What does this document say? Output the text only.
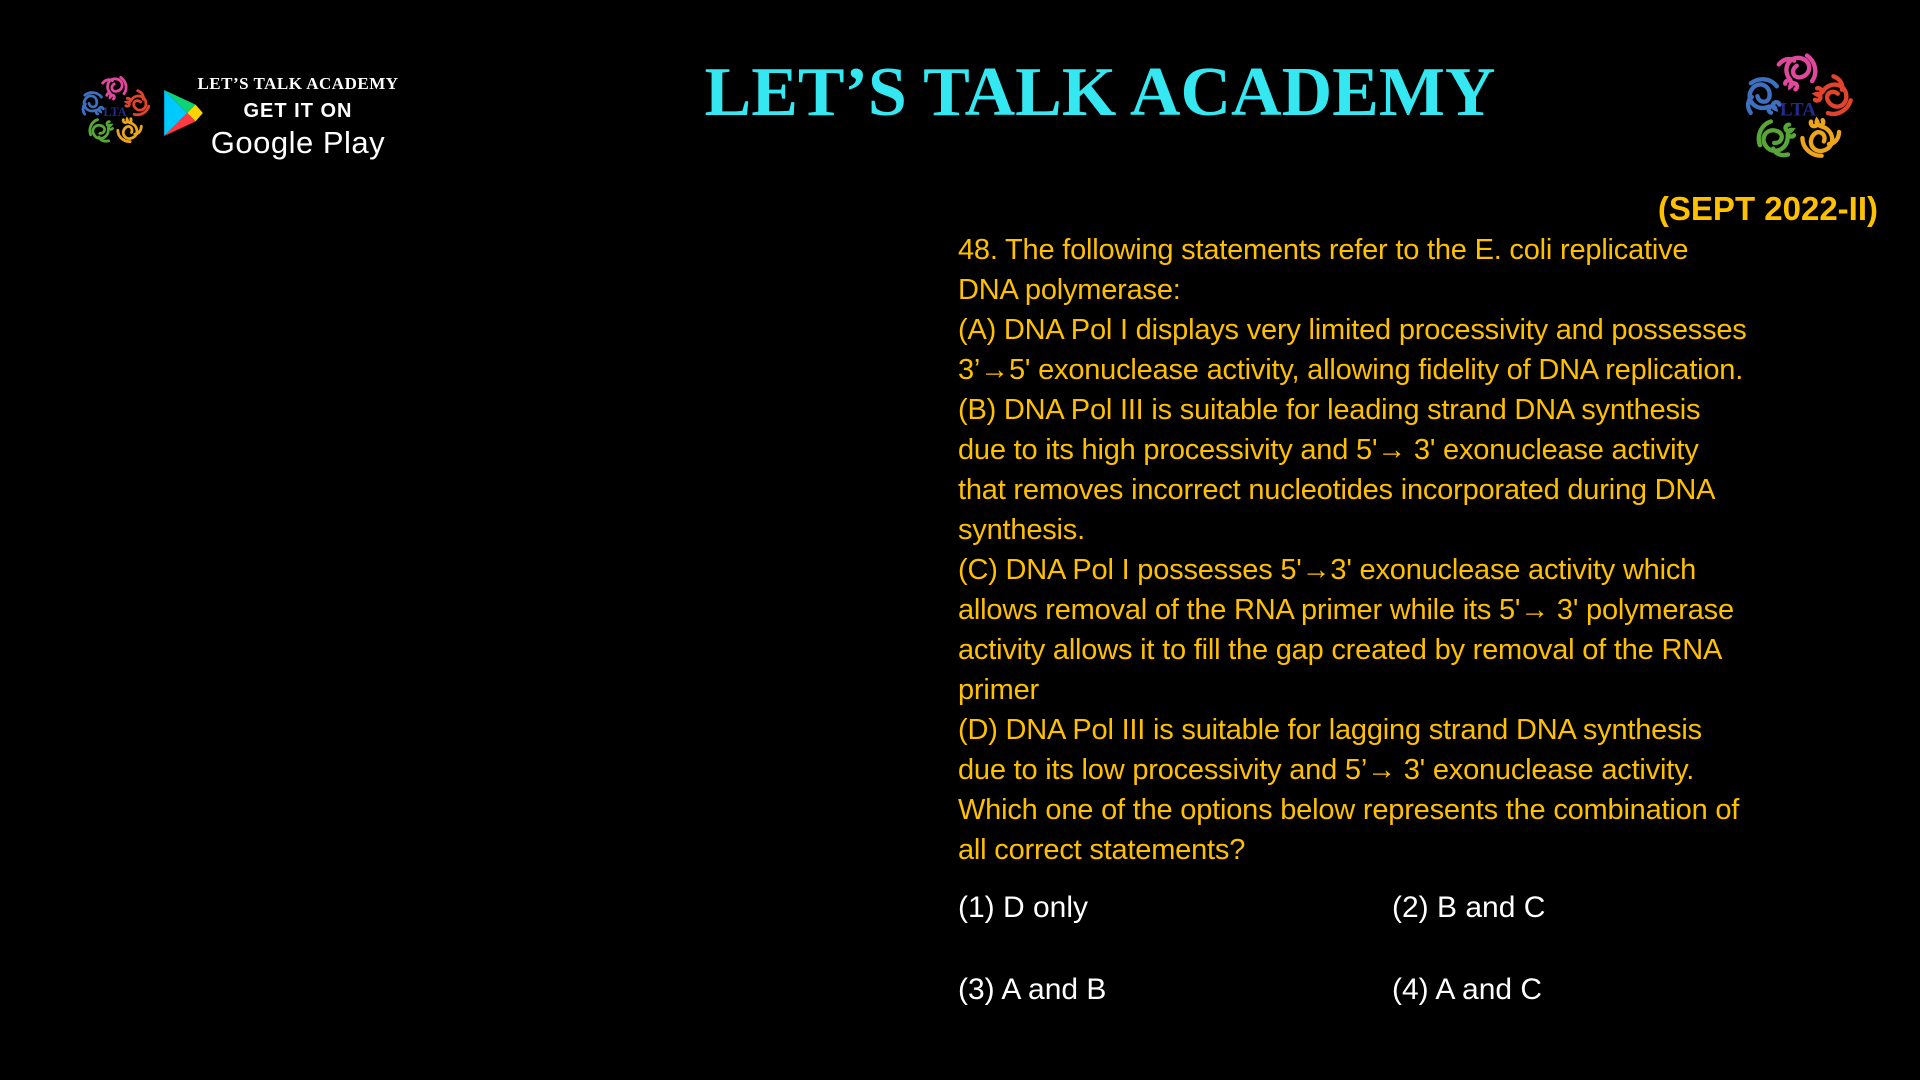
LTA
LET’S TALK ACADEMY
GET IT ON
Google Play
LET’S TALK ACADEMY	LTA
(SEPT 2022-II)
48. The following statements refer to the E. coli replicative
DNA polymerase:
(A) DNA Pol I displays very limited processivity and possesses
3’→5' exonuclease activity, allowing fidelity of DNA replication.
(B) DNA Pol III is suitable for leading strand DNA synthesis
due to its high processivity and 5'→ 3' exonuclease activity
that removes incorrect nucleotides incorporated during DNA
synthesis.
(C) DNA Pol I possesses 5'→3' exonuclease activity which
allows removal of the RNA primer while its 5'→ 3' polymerase
activity allows it to fill the gap created by removal of the RNA
primer
(D) DNA Pol III is suitable for lagging strand DNA synthesis
due to its low processivity and 5’→ 3' exonuclease activity.
Which one of the options below represents the combination of
all correct statements?
(1) D only	(2) B and C
(3) A and B	(4) A and C
